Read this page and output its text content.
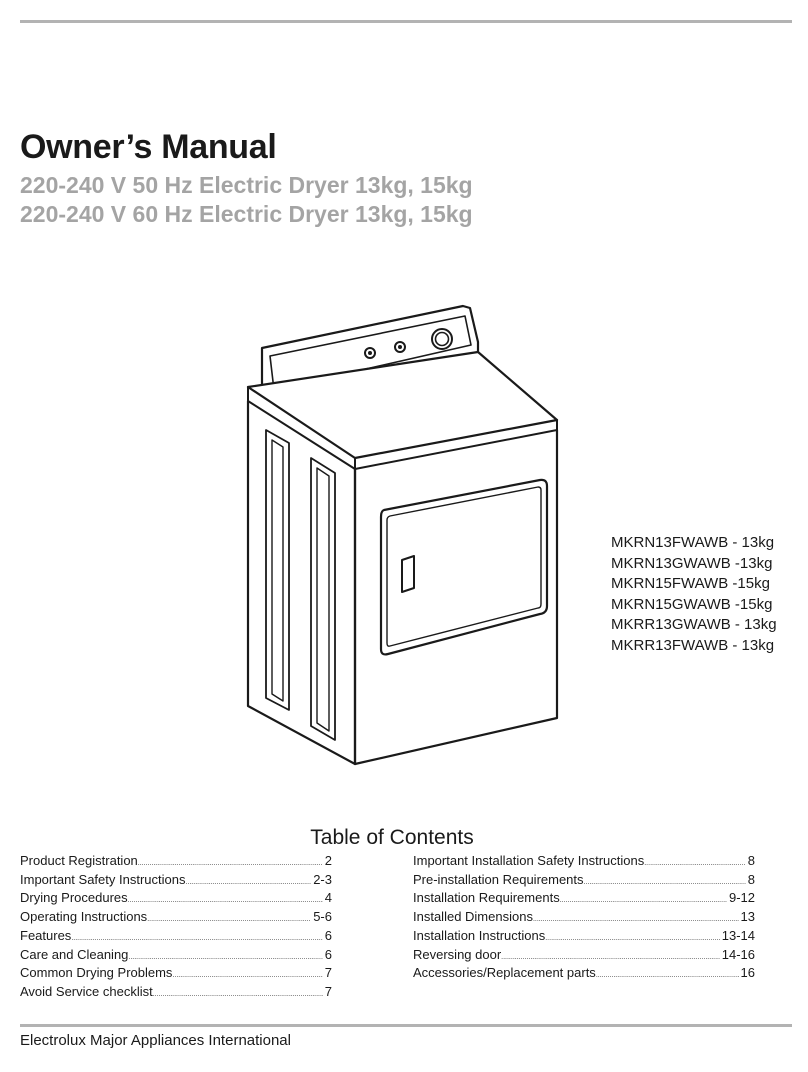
Owner’s Manual
220-240 V 50 Hz Electric Dryer 13kg, 15kg
220-240 V 60 Hz Electric Dryer 13kg, 15kg
MKRN13FWAWB - 13kg
MKRN13GWAWB -13kg
MKRN15FWAWB -15kg
MKRN15GWAWB -15kg
MKRR13GWAWB - 13kg
MKRR13FWAWB - 13kg
Table of Contents
Product Registration .....	2
Important Safety Instructions .....	2-3
Drying Procedures .....	4
Operating Instructions .....	5-6
Features .....	6
Care and Cleaning .....	6
Common Drying Problems .....	7
Avoid Service checklist .....	7
Important Installation Safety Instructions .....	8
Pre-installation Requirements .....	8
Installation Requirements .....	9-12
Installed Dimensions .....	13
Installation Instructions .....	13-14
Reversing door .....	14-16
Accessories/Replacement parts .....	16
Electrolux Major Appliances International
